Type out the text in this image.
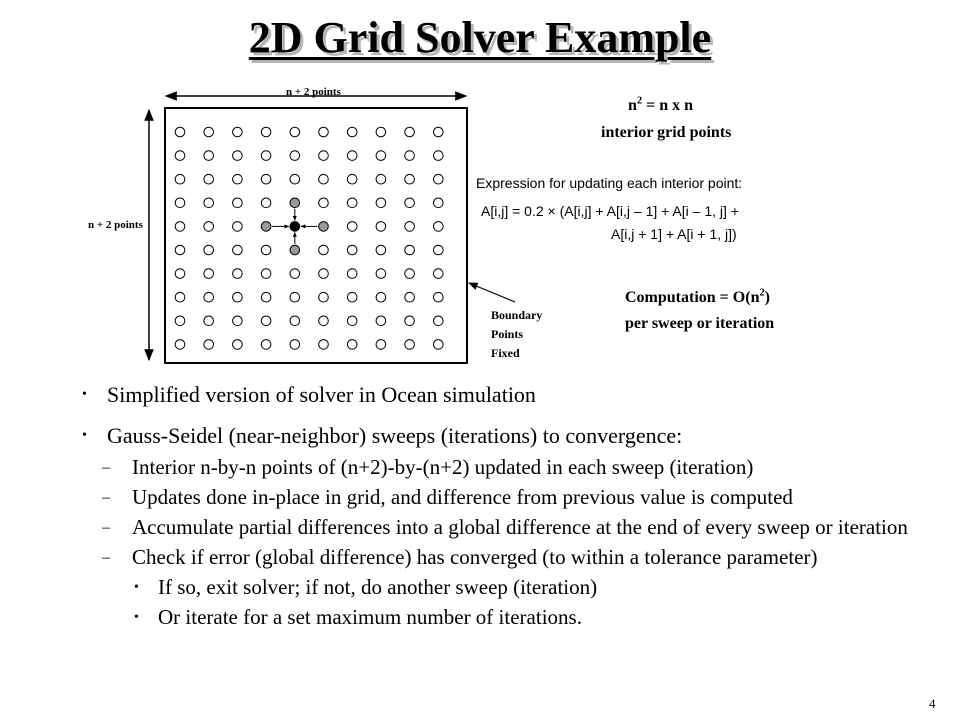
2D Grid Solver Example
n + 2 points
n + 2 points
Boundary
Points
Fixed
$n^2 = n$ x n
interior grid points
Expression for updating each interior point:
A[i,j] = 0.2 × (A[i,j] + A[i,j – 1] + A[i – 1, j] +
A[i,j + 1] + A[i + 1, j])
Computation = $O(n^2)$
per sweep or iteration
• Simplified version of solver in Ocean simulation
• Gauss-Seidel (near-neighbor) sweeps (iterations) to convergence:
– Interior n-by-n points of (n+2)-by-(n+2) updated in each sweep (iteration)
– Updates done in-place in grid, and difference from previous value is computed
– Accumulate partial differences into a global difference at the end of every sweep or iteration
– Check if error (global difference) has converged (to within a tolerance parameter)
• If so, exit solver; if not, do another sweep (iteration)
• Or iterate for a set maximum number of iterations.
4
